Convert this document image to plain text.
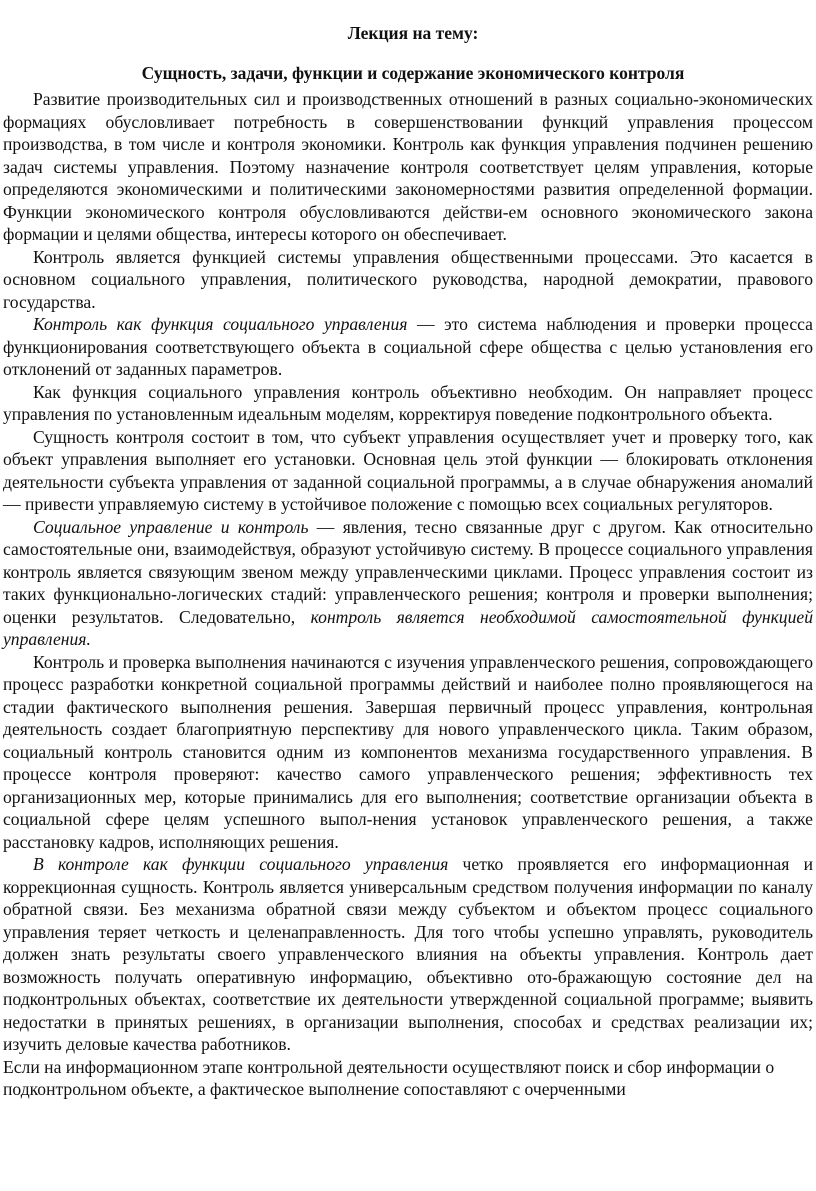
Лекция на тему:
Сущность, задачи, функции и содержание экономического контроля

Развитие производительных сил и производственных отношений в разных социально-экономических формациях обусловливает потребность в совершенствовании функций управления процессом производства, в том числе и контроля экономики. Контроль как функция управления подчинен решению задач системы управления. Поэтому назначение контроля соответствует целям управления, которые определяются экономическими и политическими закономерностями развития определенной формации. Функции экономического контроля обусловливаются действи-ем основного экономического закона формации и целями общества, интересы которого он обеспечивает.

Контроль является функцией системы управления общественными процессами. Это касается в основном социального управления, политического руководства, народной демократии, правового государства.

Контроль как функция социального управления — это система наблюдения и проверки процесса функционирования соответствующего объекта в социальной сфере общества с целью установления его отклонений от заданных параметров.

Как функция социального управления контроль объективно необходим. Он направляет процесс управления по установленным идеальным моделям, корректируя поведение подконтрольного объекта.

Сущность контроля состоит в том, что субъект управления осуществляет учет и проверку того, как объект управления выполняет его установки. Основная цель этой функции — блокировать отклонения деятельности субъекта управления от заданной социальной программы, а в случае обнаружения аномалий — привести управляемую систему в устойчивое положение с помощью всех социальных регуляторов.

Социальное управление и контроль — явления, тесно связанные друг с другом. Как относительно самостоятельные они, взаимодействуя, образуют устойчивую систему. В процессе социального управления контроль является связующим звеном между управленческими циклами. Процесс управления состоит из таких функционально-логических стадий: управленческого решения; контроля и проверки выполнения; оценки результатов. Следовательно, контроль является необходимой самостоятельной функцией управления.

Контроль и проверка выполнения начинаются с изучения управленческого решения, сопровождающего процесс разработки конкретной социальной программы действий и наиболее полно проявляющегося на стадии фактического выполнения решения. Завершая первичный процесс управления, контрольная деятельность создает благоприятную перспективу для нового управленческого цикла. Таким образом, социальный контроль становится одним из компонентов механизма государственного управления. В процессе контроля проверяют: качество самого управленческого решения; эффективность тех организационных мер, которые принимались для его выполнения; соответствие организации объекта в социальной сфере целям успешного выпол-нения установок управленческого решения, а также расстановку кадров, исполняющих решения.

В контроле как функции социального управления четко проявляется его информационная и коррекционная сущность. Контроль является универсальным средством получения информации по каналу обратной связи. Без механизма обратной связи между субъектом и объектом процесс социального управления теряет четкость и целенаправленность. Для того чтобы успешно управлять, руководитель должен знать результаты своего управленческого влияния на объекты управления. Контроль дает возможность получать оперативную информацию, объективно ото-бражающую состояние дел на подконтрольных объектах, соответствие их деятельности утвержденной социальной программе; выявить недостатки в принятых решениях, в организации выполнения, способах и средствах реализации их; изучить деловые качества работников.

Если на информационном этапе контрольной деятельности осуществляют поиск и сбор информации о подконтрольном объекте, а фактическое выполнение сопоставляют с очерченными
